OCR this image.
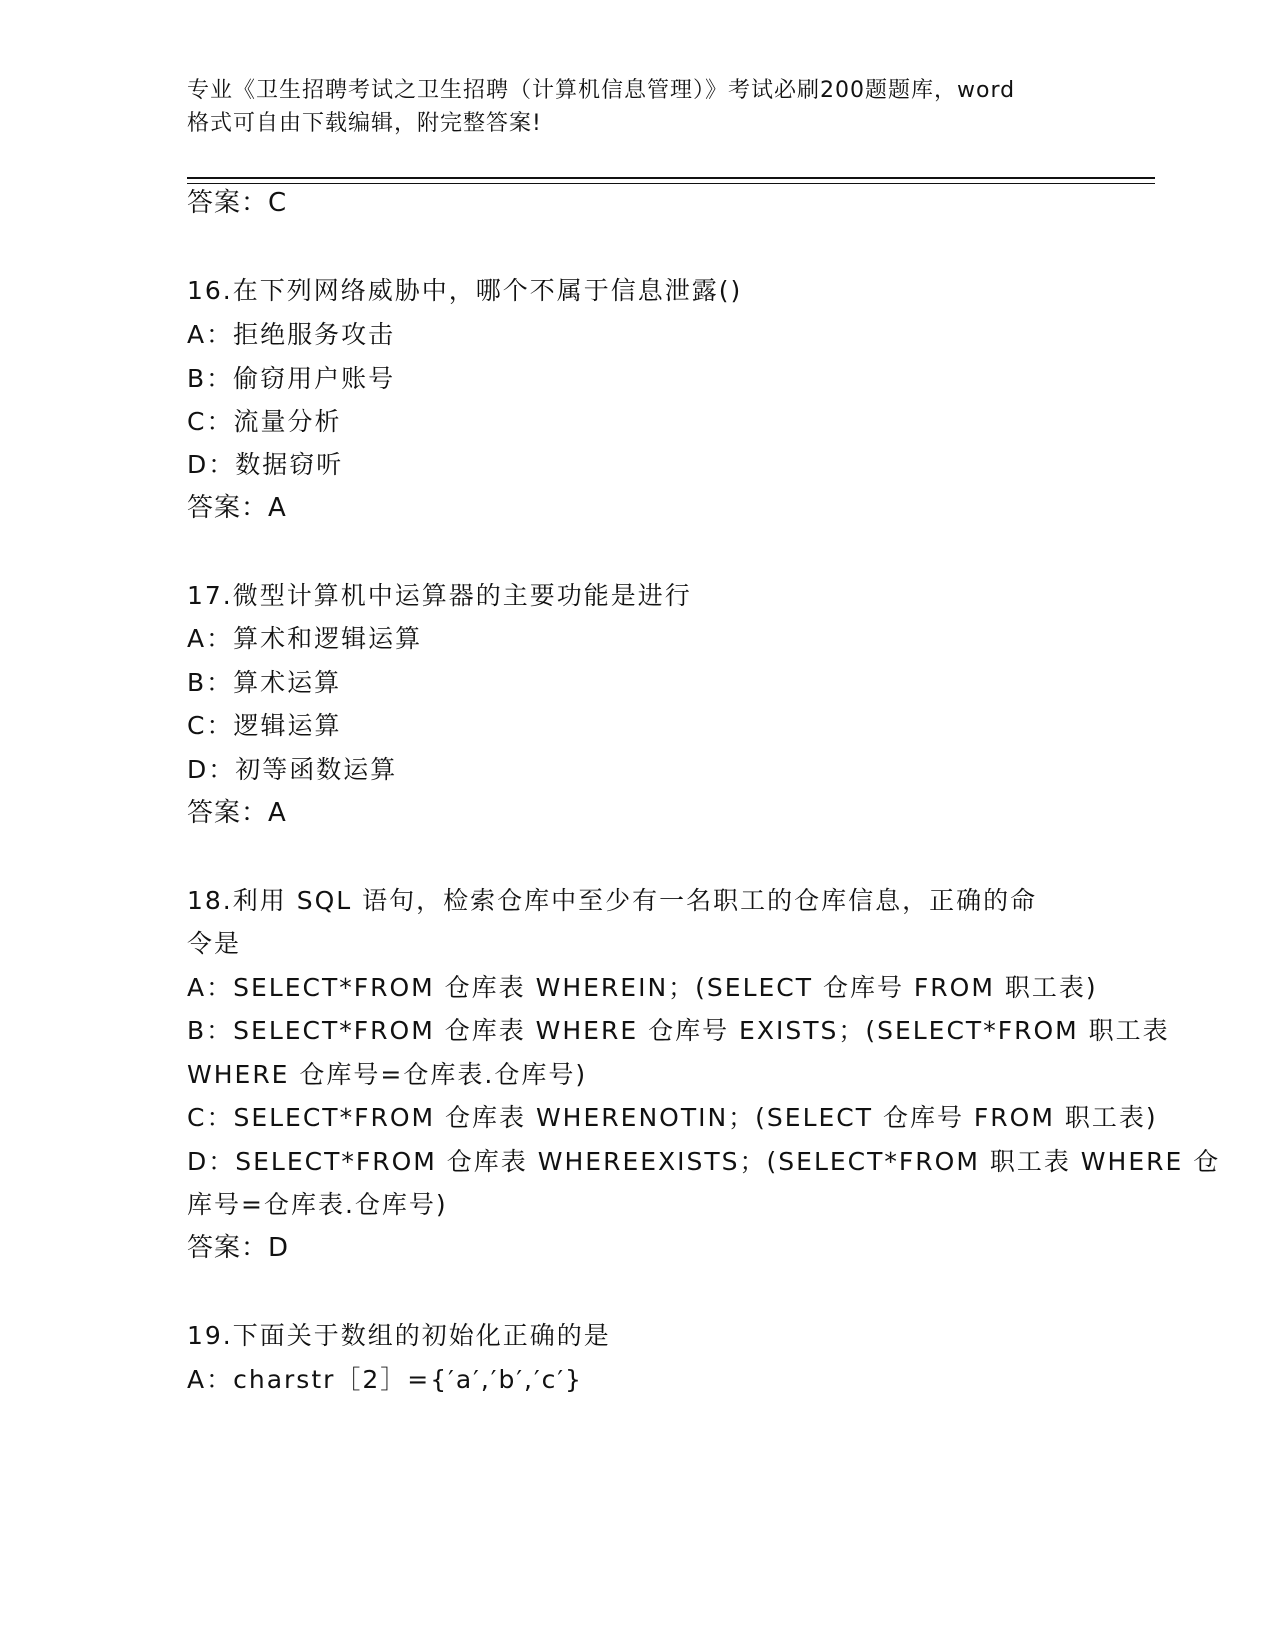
专业《卫生招聘考试之卫生招聘（计算机信息管理）》考试必刷200题题库，word
格式可自由下载编辑，附完整答案!
答案：C
16.在下列网络威胁中，哪个不属于信息泄露()
A：拒绝服务攻击
B：偷窃用户账号
C：流量分析
D：数据窃听
答案：A
17.微型计算机中运算器的主要功能是进行
A：算术和逻辑运算
B：算术运算
C：逻辑运算
D：初等函数运算
答案：A
18.利用 SQL 语句，检索仓库中至少有一名职工的仓库信息，正确的命
令是
A：SELECT*FROM 仓库表 WHEREIN；(SELECT 仓库号 FROM 职工表)
B：SELECT*FROM 仓库表 WHERE 仓库号 EXISTS；(SELECT*FROM 职工表
WHERE 仓库号=仓库表.仓库号)
C：SELECT*FROM 仓库表 WHERENOTIN；(SELECT 仓库号 FROM 职工表)
D：SELECT*FROM 仓库表 WHEREEXISTS；(SELECT*FROM 职工表 WHERE 仓
库号=仓库表.仓库号)
答案：D
19.下面关于数组的初始化正确的是
A：charstr［2］={′a′,′b′,′c′}
